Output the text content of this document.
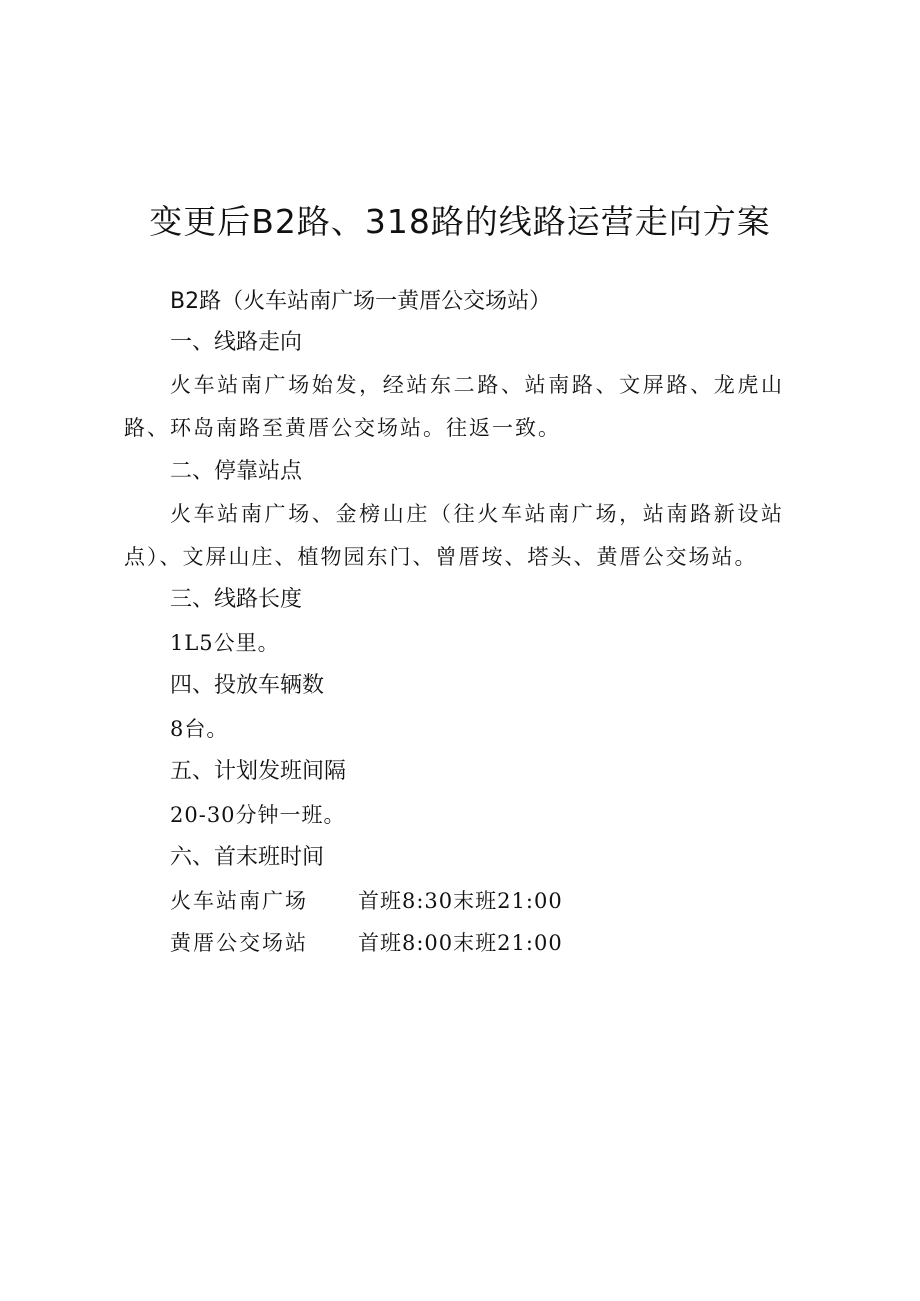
变更后B2路、318路的线路运营走向方案
B2路（火车站南广场一黄厝公交场站）
一、线路走向
火车站南广场始发，经站东二路、站南路、文屏路、龙虎山路、环岛南路至黄厝公交场站。往返一致。
二、停靠站点
火车站南广场、金榜山庄（往火车站南广场，站南路新设站点）、文屏山庄、植物园东门、曾厝垵、塔头、黄厝公交场站。
三、线路长度
1L5公里。
四、投放车辆数
8台。
五、计划发班间隔
20-30分钟一班。
六、首末班时间
火车站南广场 首班8:30末班21:00
黄厝公交场站 首班8:00末班21:00
